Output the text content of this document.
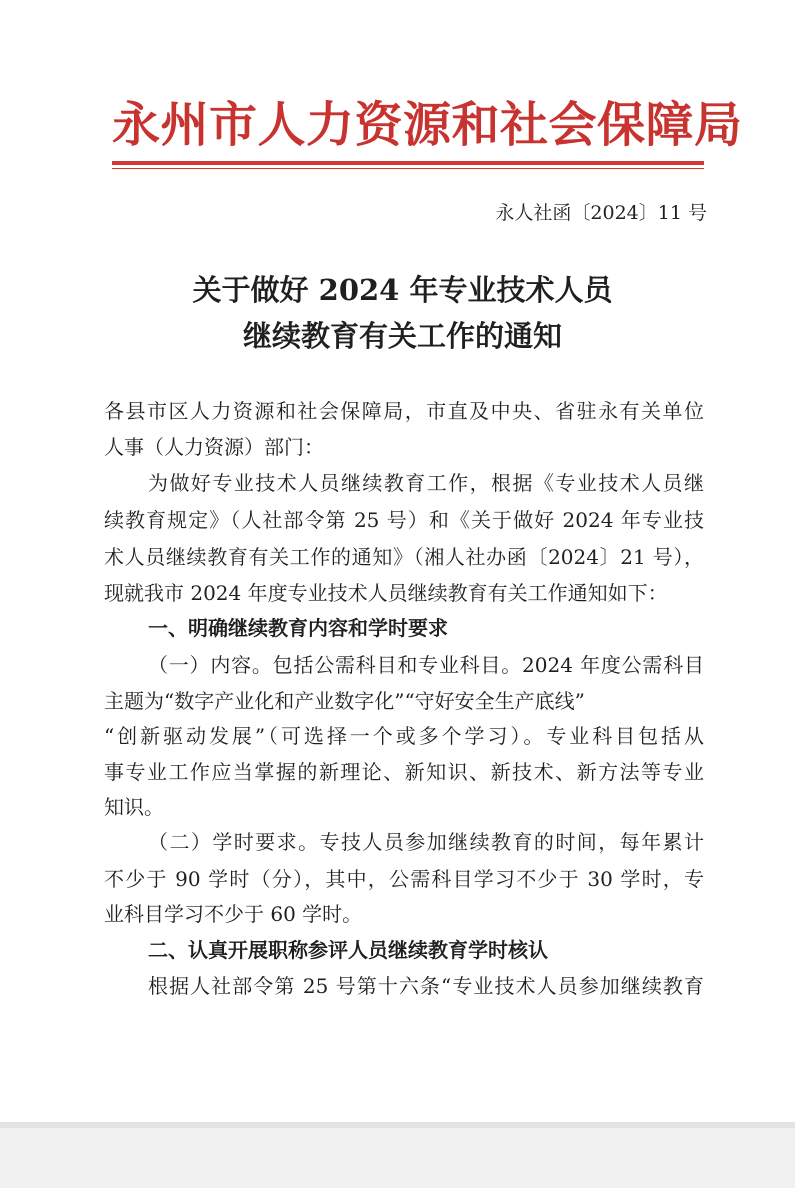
永州市人力资源和社会保障局
永人社函〔2024〕11 号
关于做好 2024 年专业技术人员
继续教育有关工作的通知
各县市区人力资源和社会保障局，市直及中央、省驻永有关单位
人事（人力资源）部门：
为做好专业技术人员继续教育工作，根据《专业技术人员继
续教育规定》（人社部令第 25 号）和《关于做好 2024 年专业技
术人员继续教育有关工作的通知》（湘人社办函〔2024〕21 号），
现就我市 2024 年度专业技术人员继续教育有关工作通知如下：
一、明确继续教育内容和学时要求
（一）内容。包括公需科目和专业科目。2024 年度公需科目
主题为“数字产业化和产业数字化”“守好安全生产底线”
“创新驱动发展”（可选择一个或多个学习）。专业科目包括从
事专业工作应当掌握的新理论、新知识、新技术、新方法等专业
知识。
（二）学时要求。专技人员参加继续教育的时间，每年累计
不少于 90 学时（分），其中，公需科目学习不少于 30 学时，专
业科目学习不少于 60 学时。
二、认真开展职称参评人员继续教育学时核认
根据人社部令第 25 号第十六条“专业技术人员参加继续教育
